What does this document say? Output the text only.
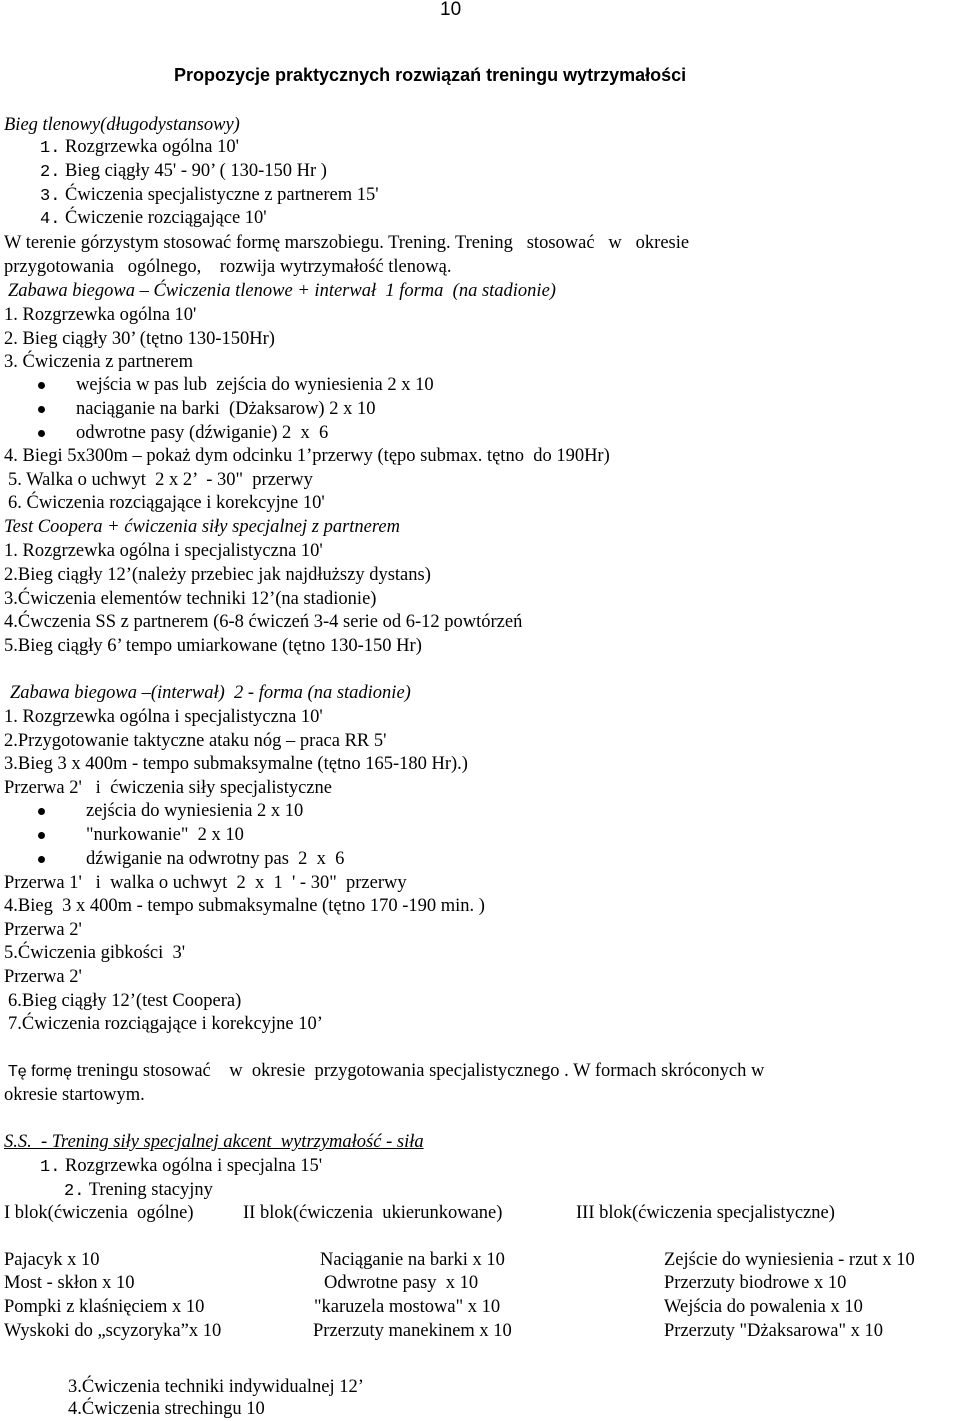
10
Propozycje praktycznych rozwiązań treningu wytrzymałości
Bieg tlenowy(długodystansowy)
1. Rozgrzewka ogólna 10'
2. Bieg ciągły 45' - 90’ ( 130-150 Hr )
3. Ćwiczenia specjalistyczne z partnerem 15'
4. Ćwiczenie rozciągające 10'
W terenie górzystym stosować formę marszobiegu. Trening. Trening   stosować   w   okresie
przygotowania   ogólnego,    rozwija wytrzymałość tlenową.
Zabawa biegowa – Ćwiczenia tlenowe + interwał  1 forma  (na stadionie)
1. Rozgrzewka ogólna 10'
2. Bieg ciągły 30’ (tętno 130-150Hr)
3. Ćwiczenia z partnerem
wejścia w pas lub  zejścia do wyniesienia 2 x 10
naciąganie na barki  (Dżaksarow) 2 x 10
odwrotne pasy (dźwiganie) 2  x  6
4. Biegi 5x300m – pokaż dym odcinku 1’przerwy (tępo submax. tętno  do 190Hr)
5. Walka o uchwyt  2 x 2’  - 30"  przerwy
6. Ćwiczenia rozciągające i korekcyjne 10'
Test Coopera + ćwiczenia siły specjalnej z partnerem
1. Rozgrzewka ogólna i specjalistyczna 10'
2.Bieg ciągły 12’(należy przebiec jak najdłuższy dystans)
3.Ćwiczenia elementów techniki 12’(na stadionie)
4.Ćwczenia SS z partnerem (6-8 ćwiczeń 3-4 serie od 6-12 powtórzeń
5.Bieg ciągły 6’ tempo umiarkowane (tętno 130-150 Hr)
Zabawa biegowa –(interwał)  2 - forma (na stadionie)
1. Rozgrzewka ogólna i specjalistyczna 10'
2.Przygotowanie taktyczne ataku nóg – praca RR 5'
3.Bieg 3 x 400m - tempo submaksymalne (tętno 165-180 Hr).)
Przerwa 2'   i  ćwiczenia siły specjalistyczne
zejścia do wyniesienia 2 x 10
"nurkowanie"  2 x 10
dźwiganie na odwrotny pas  2  x  6
Przerwa 1'   i  walka o uchwyt  2  x  1  ' - 30"  przerwy
4.Bieg  3 x 400m - tempo submaksymalne (tętno 170 -190 min. )
Przerwa 2'
5.Ćwiczenia gibkości  3'
Przerwa 2'
6.Bieg ciągły 12’(test Coopera)
7.Ćwiczenia rozciągające i korekcyjne 10’
Tę formę treningu stosować    w  okresie  przygotowania specjalistycznego . W formach skróconych w
okresie startowym.
S.S.  - Trening siły specjalnej akcent  wytrzymałość - siła
1. Rozgrzewka ogólna i specjalna 15'
2. Trening stacyjny
I blok(ćwiczenia  ogólne)	II blok(ćwiczenia  ukierunkowane)	III blok(ćwiczenia specjalistyczne)
Pajacyk x 10
Most - skłon x 10
Pompki z klaśnięciem x 10
Wyskoki do „scyzoryka”x 10
Naciąganie na barki x 10
Odwrotne pasy  x 10
"karuzela mostowa" x 10
Przerzuty manekinem x 10
Zejście do wyniesienia - rzut x 10
Przerzuty biodrowe x 10
Wejścia do powalenia x 10
Przerzuty "Dżaksarowa" x 10
3.Ćwiczenia techniki indywidualnej 12’
4.Ćwiczenia strechingu 10
